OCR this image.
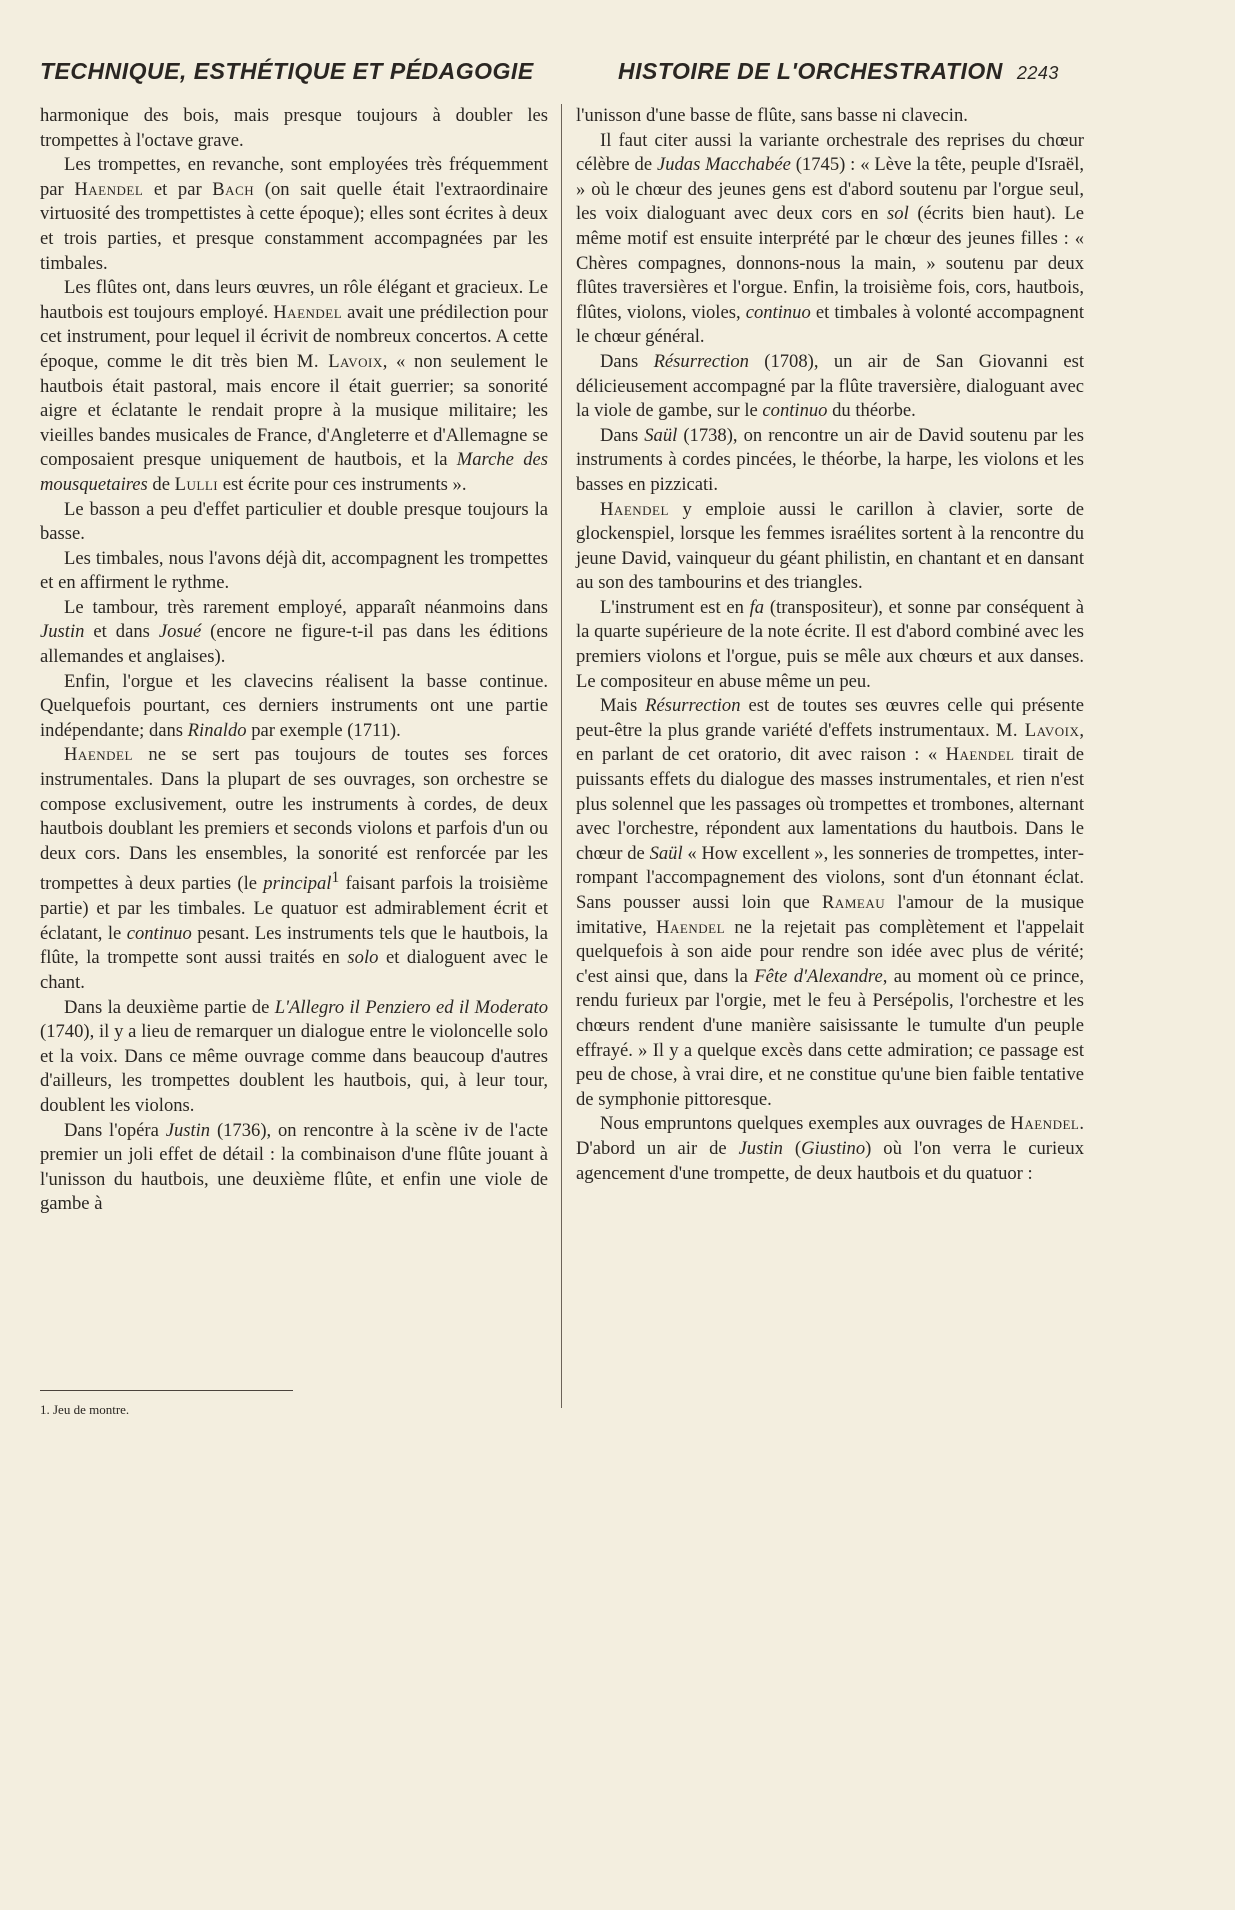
TECHNIQUE, ESTHÉTIQUE ET PÉDAGOGIE	HISTOIRE DE L'ORCHESTRATION 2243

harmonique des bois, mais presque toujours à doubler les trompettes à l'octave grave.

Les trompettes, en revanche, sont employées très fréquemment par Haendel et par Bach (on sait quelle était l'extraordinaire virtuosité des trompettistes à cette époque); elles sont écrites à deux et trois parties, et presque constamment accompagnées par les timbales.

Les flûtes ont, dans leurs œuvres, un rôle élégant et gracieux. Le hautbois est toujours employé. Haendel avait une prédilection pour cet instrument, pour lequel il écrivit de nombreux concertos. A cette époque, comme le dit très bien M. Lavoix, « non seulement le hautbois était pastoral, mais encore il était guerrier; sa sonorité aigre et éclatante le rendait propre à la musique militaire; les vieilles bandes musicales de France, d'Angleterre et d'Allemagne se composaient presque uniquement de hautbois, et la Marche des mousquetaires de Lulli est écrite pour ces instruments ».

Le basson a peu d'effet particulier et double presque toujours la basse.

Les timbales, nous l'avons déjà dit, accompagnent les trompettes et en affirment le rythme.

Le tambour, très rarement employé, apparaît néanmoins dans Justin et dans Josué (encore ne figure-t-il pas dans les éditions allemandes et anglaises).

Enfin, l'orgue et les clavecins réalisent la basse continue. Quelquefois pourtant, ces derniers instruments ont une partie indépendante; dans Rinaldo par exemple (1711).

Haendel ne se sert pas toujours de toutes ses forces instrumentales. Dans la plupart de ses ouvrages, son orchestre se compose exclusivement, outre les instruments à cordes, de deux hautbois doublant les premiers et seconds violons et parfois d'un ou deux cors. Dans les ensembles, la sonorité est renforcée par les trompettes à deux parties (le principal$^1$ faisant parfois la troisième partie) et par les timbales. Le quatuor est admirablement écrit et éclatant, le continuo pesant. Les instruments tels que le hautbois, la flûte, la trompette sont aussi traités en solo et dialoguent avec le chant.

Dans la deuxième partie de L'Allegro il Penziero ed il Moderato (1740), il y a lieu de remarquer un dialogue entre le violoncelle solo et la voix. Dans ce même ouvrage comme dans beaucoup d'autres d'ailleurs, les trompettes doublent les hautbois, qui, à leur tour, doublent les violons.

Dans l'opéra Justin (1736), on rencontre à la scène iv de l'acte premier un joli effet de détail : la combinaison d'une flûte jouant à l'unisson du hautbois, une deuxième flûte, et enfin une viole de gambe à

l'unisson d'une basse de flûte, sans basse ni clavecin.

Il faut citer aussi la variante orchestrale des reprises du chœur célèbre de Judas Macchabée (1745) : « Lève la tête, peuple d'Israël, » où le chœur des jeunes gens est d'abord soutenu par l'orgue seul, les voix dialoguant avec deux cors en sol (écrits bien haut). Le même motif est ensuite interprété par le chœur des jeunes filles : « Chères compagnes, donnons-nous la main, » soutenu par deux flûtes traversières et l'orgue. Enfin, la troisième fois, cors, hautbois, flûtes, violons, violes, continuo et timbales à volonté accompagnent le chœur général.

Dans Résurrection (1708), un air de San Giovanni est délicieusement accompagné par la flûte traversière, dialoguant avec la viole de gambe, sur le continuo du théorbe.

Dans Saül (1738), on rencontre un air de David soutenu par les instruments à cordes pincées, le théorbe, la harpe, les violons et les basses en pizzicati.

Haendel y emploie aussi le carillon à clavier, sorte de glockenspiel, lorsque les femmes israélites sortent à la rencontre du jeune David, vainqueur du géant philistin, en chantant et en dansant au son des tambourins et des triangles.

L'instrument est en fa (transpositeur), et sonne par conséquent à la quarte supérieure de la note écrite. Il est d'abord combiné avec les premiers violons et l'orgue, puis se mêle aux chœurs et aux danses. Le compositeur en abuse même un peu.

Mais Résurrection est de toutes ses œuvres celle qui présente peut-être la plus grande variété d'effets instrumentaux. M. Lavoix, en parlant de cet oratorio, dit avec raison : « Haendel tirait de puissants effets du dialogue des masses instrumentales, et rien n'est plus solennel que les passages où trompettes et trombones, alternant avec l'orchestre, répondent aux lamentations du hautbois. Dans le chœur de Saül « How excellent », les sonneries de trompettes, interrompant l'accompagnement des violons, sont d'un étonnant éclat. Sans pousser aussi loin que Rameau l'amour de la musique imitative, Haendel ne la rejetait pas complètement et l'appelait quelquefois à son aide pour rendre son idée avec plus de vérité; c'est ainsi que, dans la Fête d'Alexandre, au moment où ce prince, rendu furieux par l'orgie, met le feu à Persépolis, l'orchestre et les chœurs rendent d'une manière saisissante le tumulte d'un peuple effrayé. » Il y a quelque excès dans cette admiration; ce passage est peu de chose, à vrai dire, et ne constitue qu'une bien faible tentative de symphonie pittoresque.

Nous empruntons quelques exemples aux ouvrages de Haendel. D'abord un air de Justin (Giustino) où l'on verra le curieux agencement d'une trompette, de deux hautbois et du quatuor :

1. Jeu de montre.
